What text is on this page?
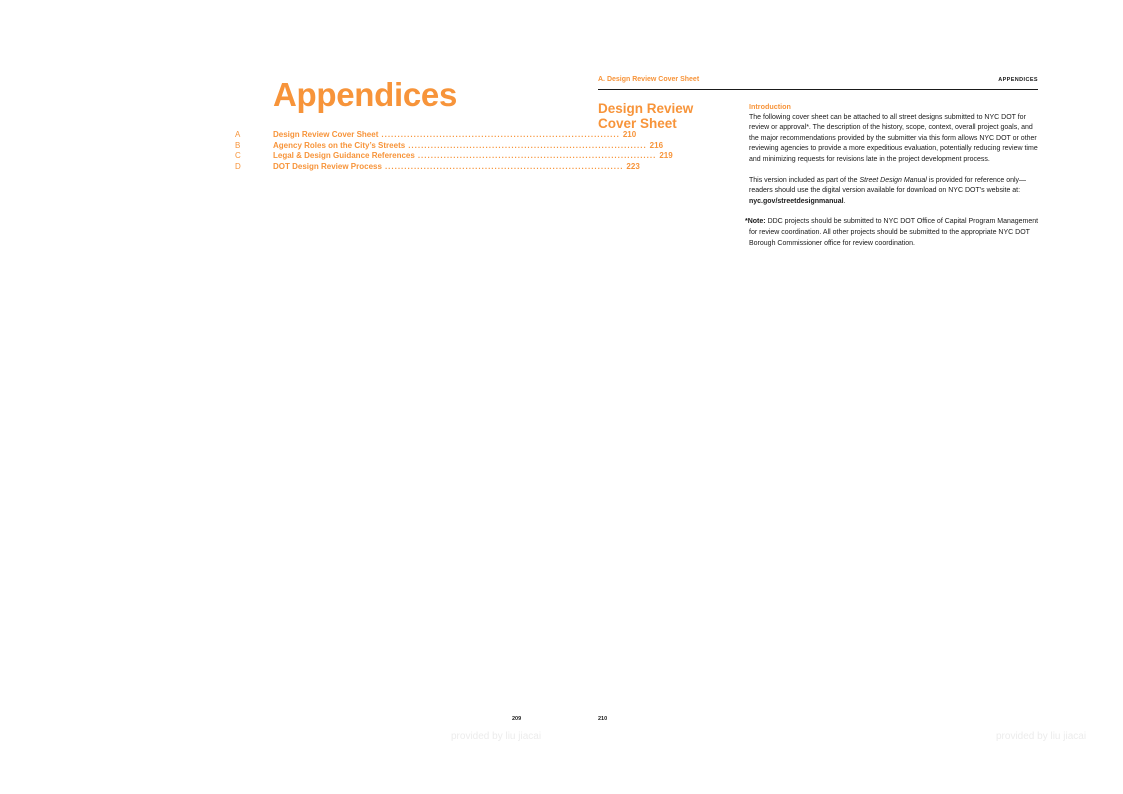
Appendices
A	Design Review Cover Sheet .......................................................................... 210
B	Agency Roles on the City’s Streets .......................................................................... 216
C	Legal & Design Guidance References .......................................................................... 219
D	DOT Design Review Process .......................................................................... 223
209
provided by liu jiacai
A. Design Review Cover Sheet	APPENDICES
Design Review
Cover Sheet
Introduction

The following cover sheet can be attached to all street designs submitted to NYC DOT for review or approval*. The description of the history, scope, context, overall project goals, and the major recommendations provided by the submitter via this form allows NYC DOT or other reviewing agencies to provide a more expeditious evaluation, potentially reducing review time and minimizing requests for revisions late in the project development process.

This version included as part of the Street Design Manual is provided for reference only—readers should use the digital version available for download on NYC DOT’s website at: nyc.gov/streetdesignmanual.

*Note: DDC projects should be submitted to NYC DOT Office of Capital Program Management for review coordination. All other projects should be submitted to the appropriate NYC DOT Borough Commissioner office for review coordination.

210
provided by liu jiacai
